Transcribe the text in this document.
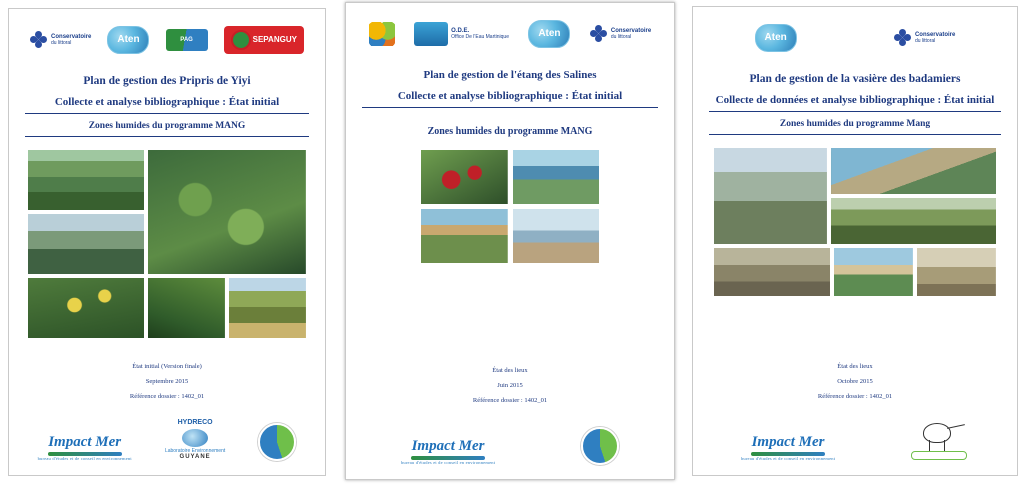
Conservatoire
du littoral	Aten	PAG	SEPANGUY
Plan de gestion des Pripris de Yiyi
Collecte et analyse bibliographique : État initial
Zones humides du programme MANG
État initial (Version finale)
Septembre 2015
Référence dossier : 1402_01
Impact Mer
bureau d'études et de conseil en environnement
HYDRECO
Laboratoire Environnement
GUYANE
O.D.E.
Office De l'Eau Martinique	Aten	Conservatoire
du littoral
Plan de gestion de l'étang des Salines
Collecte et analyse bibliographique : État initial
Zones humides du programme MANG
État des lieux
Juin 2015
Référence dossier : 1402_01
Impact Mer
bureau d'études et de conseil en environnement
Aten	Conservatoire
du littoral
Plan de gestion de la vasière des badamiers
Collecte de données et analyse bibliographique : État initial
Zones humides du programme Mang
État des lieux
Octobre 2015
Référence dossier : 1402_01
Impact Mer
bureau d'études et de conseil en environnement
